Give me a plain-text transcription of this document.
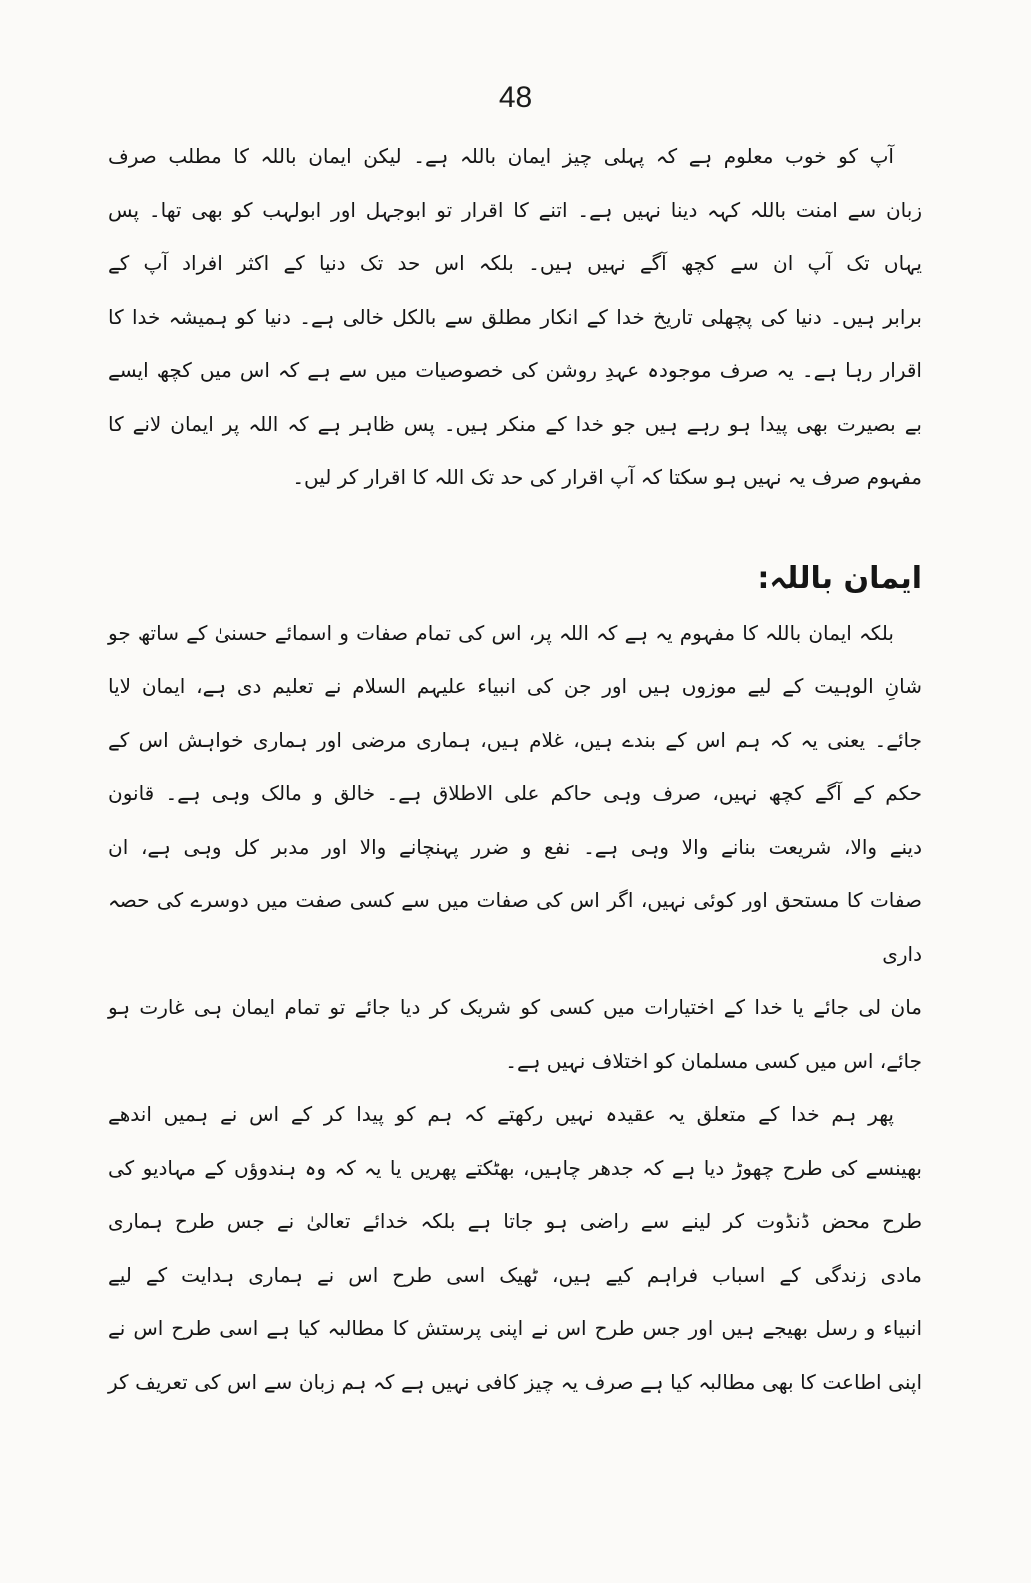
48
آپ کو خوب معلوم ہے کہ پہلی چیز ایمان باللہ ہے۔ لیکن ایمان باللہ کا مطلب صرف
زبان سے امنت باللہ کہہ دینا نہیں ہے۔ اتنے کا اقرار تو ابوجہل اور ابولہب کو بھی تھا۔ پس
یہاں تک آپ ان سے کچھ آگے نہیں ہیں۔ بلکہ اس حد تک دنیا کے اکثر افراد آپ کے
برابر ہیں۔ دنیا کی پچھلی تاریخ خدا کے انکار مطلق سے بالکل خالی ہے۔ دنیا کو ہمیشہ خدا کا
اقرار رہا ہے۔ یہ صرف موجودہ عہدِ روشن کی خصوصیات میں سے ہے کہ اس میں کچھ ایسے
بے بصیرت بھی پیدا ہو رہے ہیں جو خدا کے منکر ہیں۔ پس ظاہر ہے کہ اللہ پر ایمان لانے کا
مفہوم صرف یہ نہیں ہو سکتا کہ آپ اقرار کی حد تک اللہ کا اقرار کر لیں۔
ایمان باللہ:
بلکہ ایمان باللہ کا مفہوم یہ ہے کہ اللہ پر، اس کی تمام صفات و اسمائے حسنیٰ کے ساتھ جو
شانِ الوہیت کے لیے موزوں ہیں اور جن کی انبیاء علیہم السلام نے تعلیم دی ہے، ایمان لایا
جائے۔ یعنی یہ کہ ہم اس کے بندے ہیں، غلام ہیں، ہماری مرضی اور ہماری خواہش اس کے
حکم کے آگے کچھ نہیں، صرف وہی حاکم علی الاطلاق ہے۔ خالق و مالک وہی ہے۔ قانون
دینے والا، شریعت بنانے والا وہی ہے۔ نفع و ضرر پہنچانے والا اور مدبر کل وہی ہے، ان
صفات کا مستحق اور کوئی نہیں، اگر اس کی صفات میں سے کسی صفت میں دوسرے کی حصہ داری
مان لی جائے یا خدا کے اختیارات میں کسی کو شریک کر دیا جائے تو تمام ایمان ہی غارت ہو
جائے، اس میں کسی مسلمان کو اختلاف نہیں ہے۔
پھر ہم خدا کے متعلق یہ عقیدہ نہیں رکھتے کہ ہم کو پیدا کر کے اس نے ہمیں اندھے
بھینسے کی طرح چھوڑ دیا ہے کہ جدھر چاہیں، بھٹکتے پھریں یا یہ کہ وہ ہندوؤں کے مہادیو کی
طرح محض ڈنڈوت کر لینے سے راضی ہو جاتا ہے بلکہ خدائے تعالیٰ نے جس طرح ہماری
مادی زندگی کے اسباب فراہم کیے ہیں، ٹھیک اسی طرح اس نے ہماری ہدایت کے لیے
انبیاء و رسل بھیجے ہیں اور جس طرح اس نے اپنی پرستش کا مطالبہ کیا ہے اسی طرح اس نے
اپنی اطاعت کا بھی مطالبہ کیا ہے صرف یہ چیز کافی نہیں ہے کہ ہم زبان سے اس کی تعریف کر
